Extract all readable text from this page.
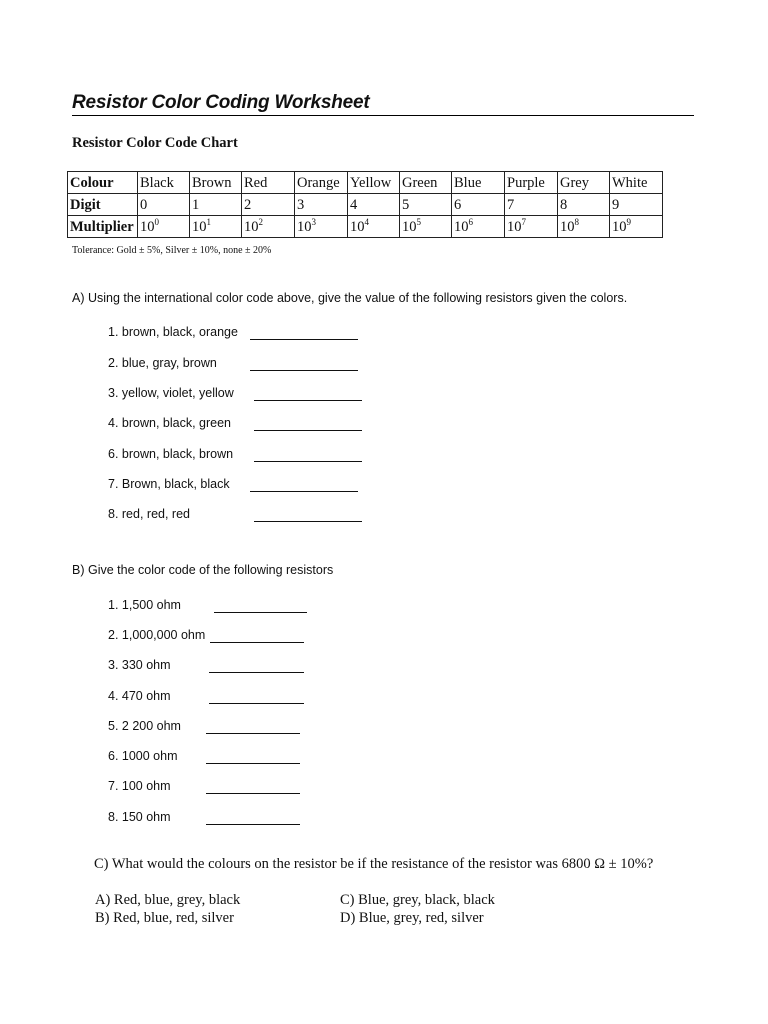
Resistor Color Coding Worksheet
Resistor Color Code Chart
Colour	Black	Brown	Red	Orange	Yellow	Green	Blue	Purple	Grey	White
Digit	0	1	2	3	4	5	6	7	8	9
Multiplier	$10^0$	$10^1$	$10^2$	$10^3$	$10^4$	$10^5$	$10^6$	$10^7$	$10^8$	$10^9$
Tolerance: Gold ± 5%, Silver ± 10%, none ± 20%
A) Using the international color code above, give the value of the following resistors given the colors.
1. brown, black, orange
2. blue, gray, brown
3. yellow, violet, yellow
4. brown, black, green
6. brown, black, brown
7. Brown, black, black
8. red, red, red
B) Give the color code of the following resistors
1. 1,500 ohm
2. 1,000,000 ohm
3. 330 ohm
4. 470 ohm
5. 2 200 ohm
6. 1000 ohm
7. 100 ohm
8. 150 ohm
C) What would the colours on the resistor be if the resistance of the resistor was 6800 Ω ± 10%?
A) Red, blue, grey, black
B) Red, blue, red, silver
C) Blue, grey, black, black
D) Blue, grey, red, silver
